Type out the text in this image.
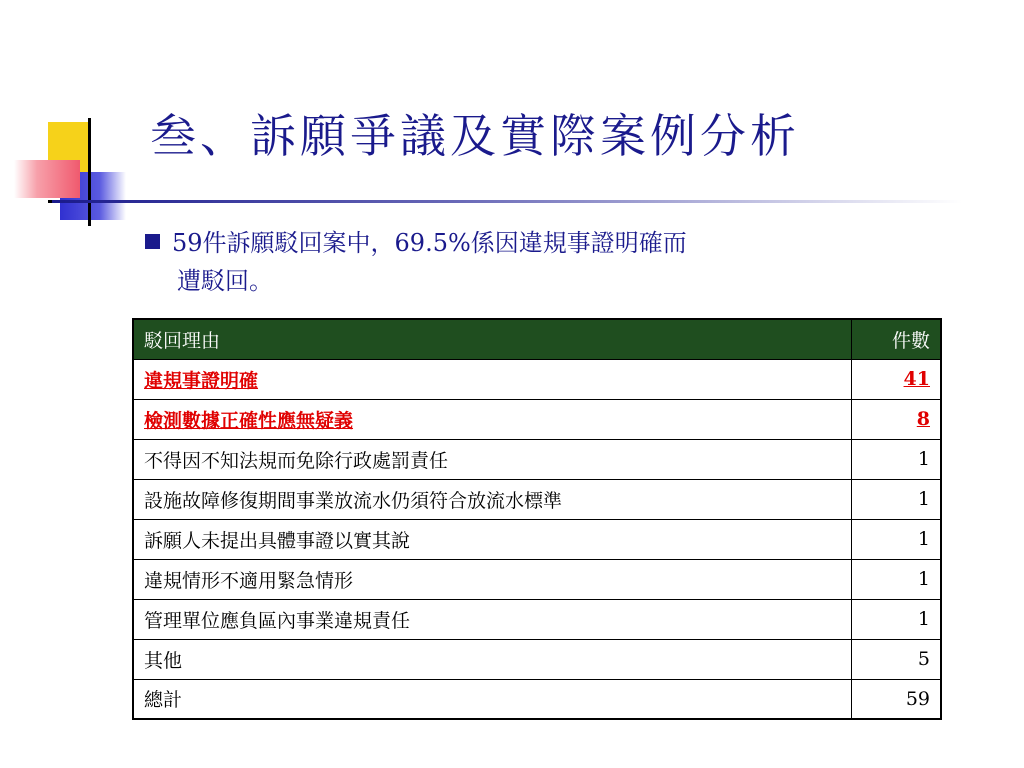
叁、訴願爭議及實際案例分析
59件訴願駁回案中，69.5%係因違規事證明確而
遭駁回。
駁回理由	件數
違規事證明確	41
檢測數據正確性應無疑義	8
不得因不知法規而免除行政處罰責任	1
設施故障修復期間事業放流水仍須符合放流水標準	1
訴願人未提出具體事證以實其說	1
違規情形不適用緊急情形	1
管理單位應負區內事業違規責任	1
其他	5
總計	59
